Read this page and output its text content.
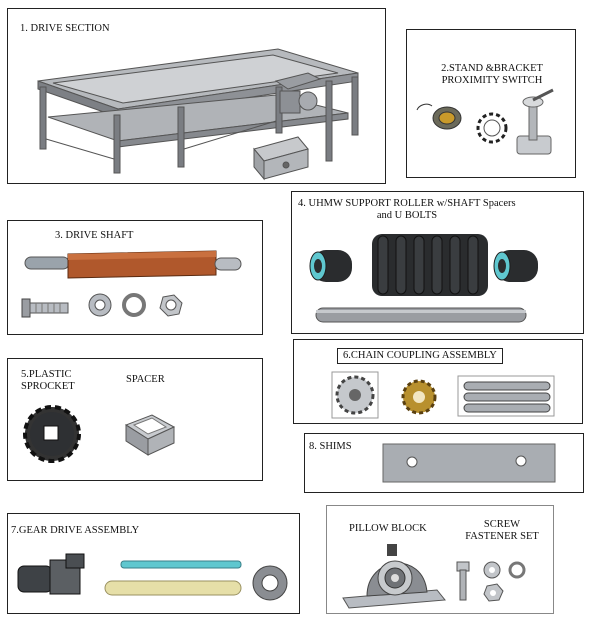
1. DRIVE SECTION
2.STAND &BRACKET
PROXIMITY SWITCH
3. DRIVE SHAFT
4. UHMW SUPPORT ROLLER w/SHAFT Spacers
and U BOLTS
5.PLASTIC
SPROCKET
SPACER
6.CHAIN COUPLING ASSEMBLY
8. SHIMS
7.GEAR DRIVE ASSEMBLY	PILLOW BLOCK	SCREW
FASTENER SET
